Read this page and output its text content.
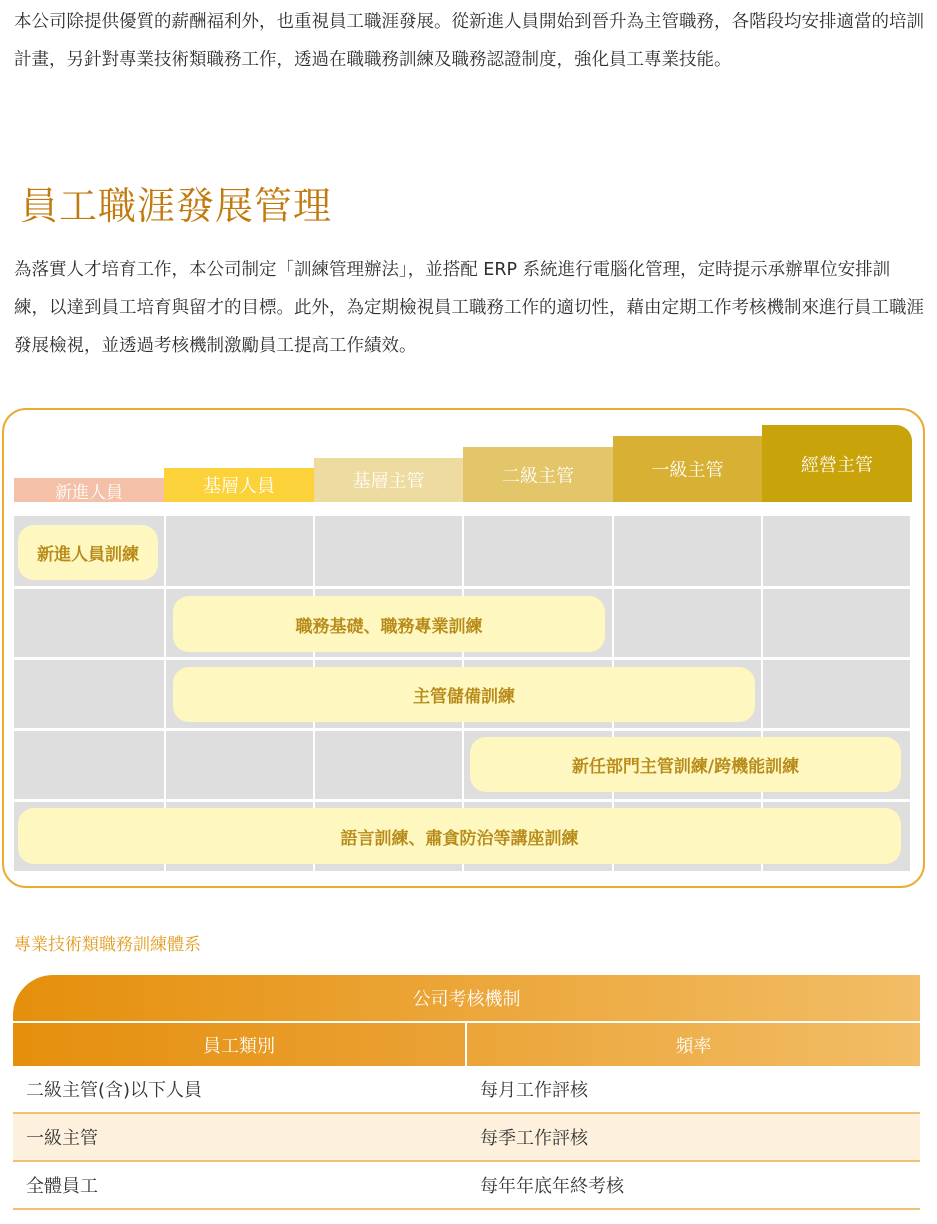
本公司除提供優質的薪酬福利外，也重視員工職涯發展。從新進人員開始到晉升為主管職務，各階段均安排適當的培訓計畫，另針對專業技術類職務工作，透過在職職務訓練及職務認證制度，強化員工專業技能。

員工職涯發展管理

為落實人才培育工作，本公司制定「訓練管理辦法」，並搭配 ERP 系統進行電腦化管理，定時提示承辦單位安排訓練，以達到員工培育與留才的目標。此外，為定期檢視員工職務工作的適切性，藉由定期工作考核機制來進行員工職涯發展檢視，並透過考核機制激勵員工提高工作績效。

新進人員	基層人員	基層主管	二級主管	一級主管	經營主管
新進人員訓練
職務基礎、職務專業訓練
主管儲備訓練
新任部門主管訓練/跨機能訓練
語言訓練、肅貪防治等講座訓練
專業技術類職務訓練體系
公司考核機制
員工類別	頻率
二級主管(含)以下人員	每月工作評核
一級主管	每季工作評核
全體員工	每年年底年終考核
